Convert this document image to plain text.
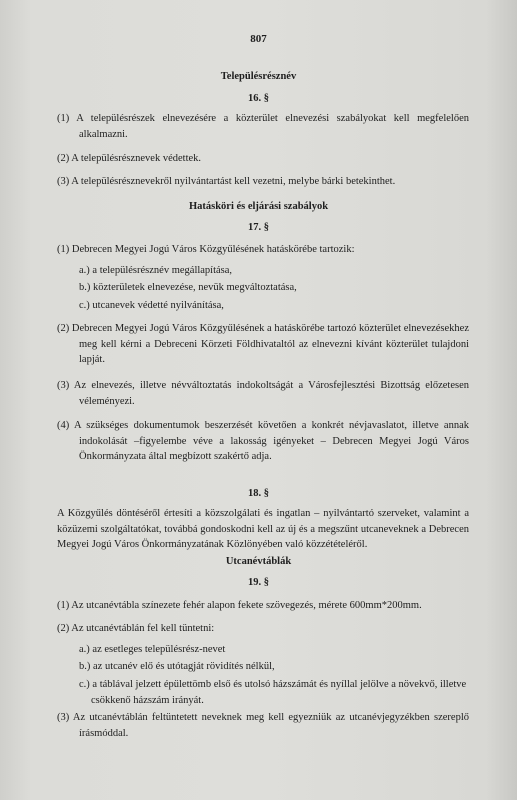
807
Településrésznév
16. §
(1) A településrészek elnevezésére a közterület elnevezési szabályokat kell megfelelően alkalmazni.
(2) A településrésznevek védettek.
(3) A településrésznevekről nyilvántartást kell vezetni, melybe bárki betekinthet.
Hatásköri és eljárási szabályok
17. §
(1) Debrecen Megyei Jogú Város Közgyűlésének hatáskörébe tartozik:
a.) a településrésznév megállapítása,
b.) közterületek elnevezése, nevük megváltoztatása,
c.) utcanevek védetté nyilvánítása,
(2) Debrecen Megyei Jogú Város Közgyűlésének a hatáskörébe tartozó közterület elnevezésekhez meg kell kérni a Debreceni Körzeti Földhivataltól az elnevezni kívánt közterület tulajdoni lapját.
(3) Az elnevezés, illetve névváltoztatás indokoltságát a Városfejlesztési Bizottság előzetesen véleményezi.
(4) A szükséges dokumentumok beszerzését követően a konkrét névjavaslatot, illetve annak indokolását –figyelembe véve a lakosság igényeket – Debrecen Megyei Jogú Város Önkormányzata által megbízott szakértő adja.
18. §
A Közgyűlés döntéséről értesíti a közszolgálati és ingatlan – nyilvántartó szerveket, valamint a közüzemi szolgáltatókat, továbbá gondoskodni kell az új és a megszűnt utcaneveknek a Debrecen Megyei Jogú Város Önkormányzatának Közlönyében való közzétételéről.
Utcanévtáblák
19. §
(1) Az utcanévtábla színezete fehér alapon fekete szövegezés, mérete 600mm*200mm.
(2) Az utcanévtáblán fel kell tüntetni:
a.) az esetleges településrész-nevet
b.) az utcanév elő és utótagját rövidítés nélkül,
c.) a táblával jelzett épülettömb első és utolsó házszámát és nyíllal jelölve a növekvő, illetve csökkenő házszám irányát.
(3) Az utcanévtáblán feltüntetett neveknek meg kell egyezniük az utcanévjegyzékben szereplő írásmóddal.
